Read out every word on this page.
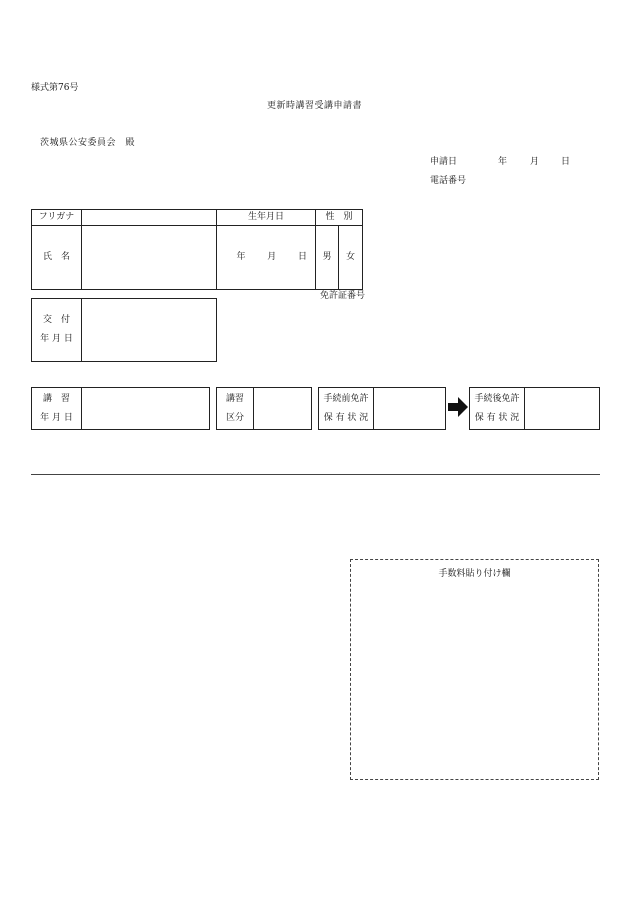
様式第76号
更新時講習受講申請書
茨城県公安委員会　殿
申請日	年	月 日
電話番号
フリガナ		生年月日	性　別	
氏　名		年 月 日	男	女
免許証番号
交　付
年 月 日

講　習
年 月 日

講習
区分

手続前免許
保 有 状 況

手続後免許
保 有 状 況

手数料貼り付け欄
